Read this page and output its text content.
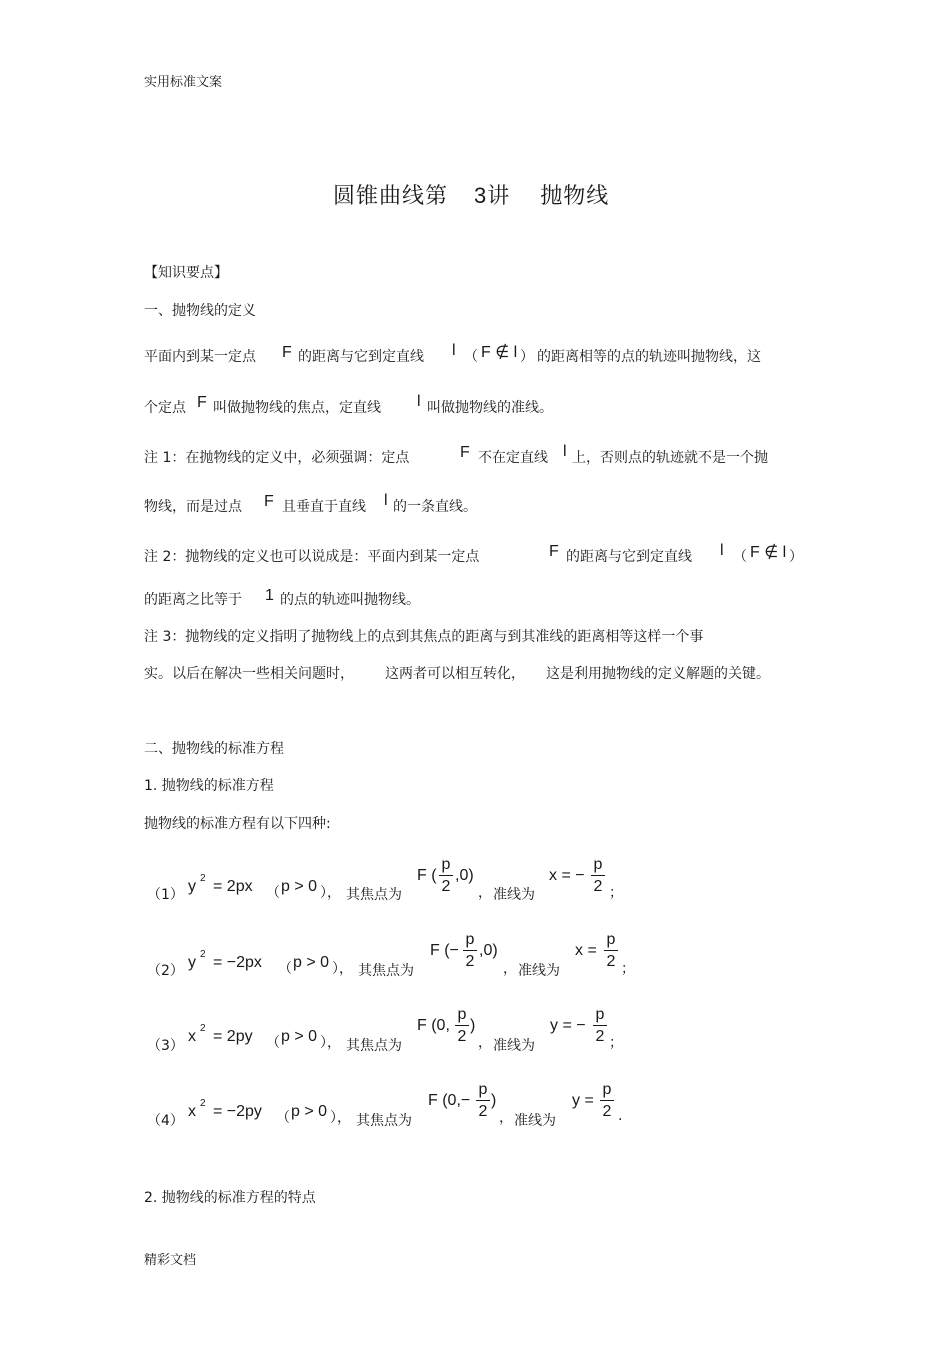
实用标准文案
精彩文档
圆锥曲线第 3讲 抛物线
【知识要点】
一、抛物线的定义
平面内到某一定点 F 的距离与它到定直线 l （ F ∉ l ） 的距离相等的点的轨迹叫抛物线，这
个定点 F 叫做抛物线的焦点，定直线 l 叫做抛物线的准线。
注 1：在抛物线的定义中，必须强调：定点	F 不在定直线 l 上，否则点的轨迹就不是一个抛
物线，而是过点 F 且垂直于直线 l 的一条直线。
注 2：抛物线的定义也可以说成是：平面内到某一定点	F 的距离与它到定直线 l （ F ∉ l ）
的距离之比等于 1 的点的轨迹叫抛物线。
注 3：抛物线的定义指明了抛物线上的点到其焦点的距离与到其准线的距离相等这样一个事
实。以后在解决一些相关问题时， 这两者可以相互转化， 这是利用抛物线的定义解题的关键。
二、抛物线的标准方程
1. 抛物线的标准方程
抛物线的标准方程有以下四种:
（1） y 2 = 2px （ p > 0 ）， 其焦点为
F (
p
2
,0)
， 准线为
x = −
p
2 ；
（2） y 2 = −2px （ p > 0 ）， 其焦点为
F (−
p
2
,0)
， 准线为
x =
p
2 ；
（3）
x 2 = 2py （ p > 0 ）， 其焦点为
F (0,
p
2
)
， 准线为
y = −
p
2 ；
（4）
x 2 = −2py （ p > 0 ）， 其焦点为
F (0,−
p
2
)
， 准线为
y =
p
2 .
2. 抛物线的标准方程的特点
